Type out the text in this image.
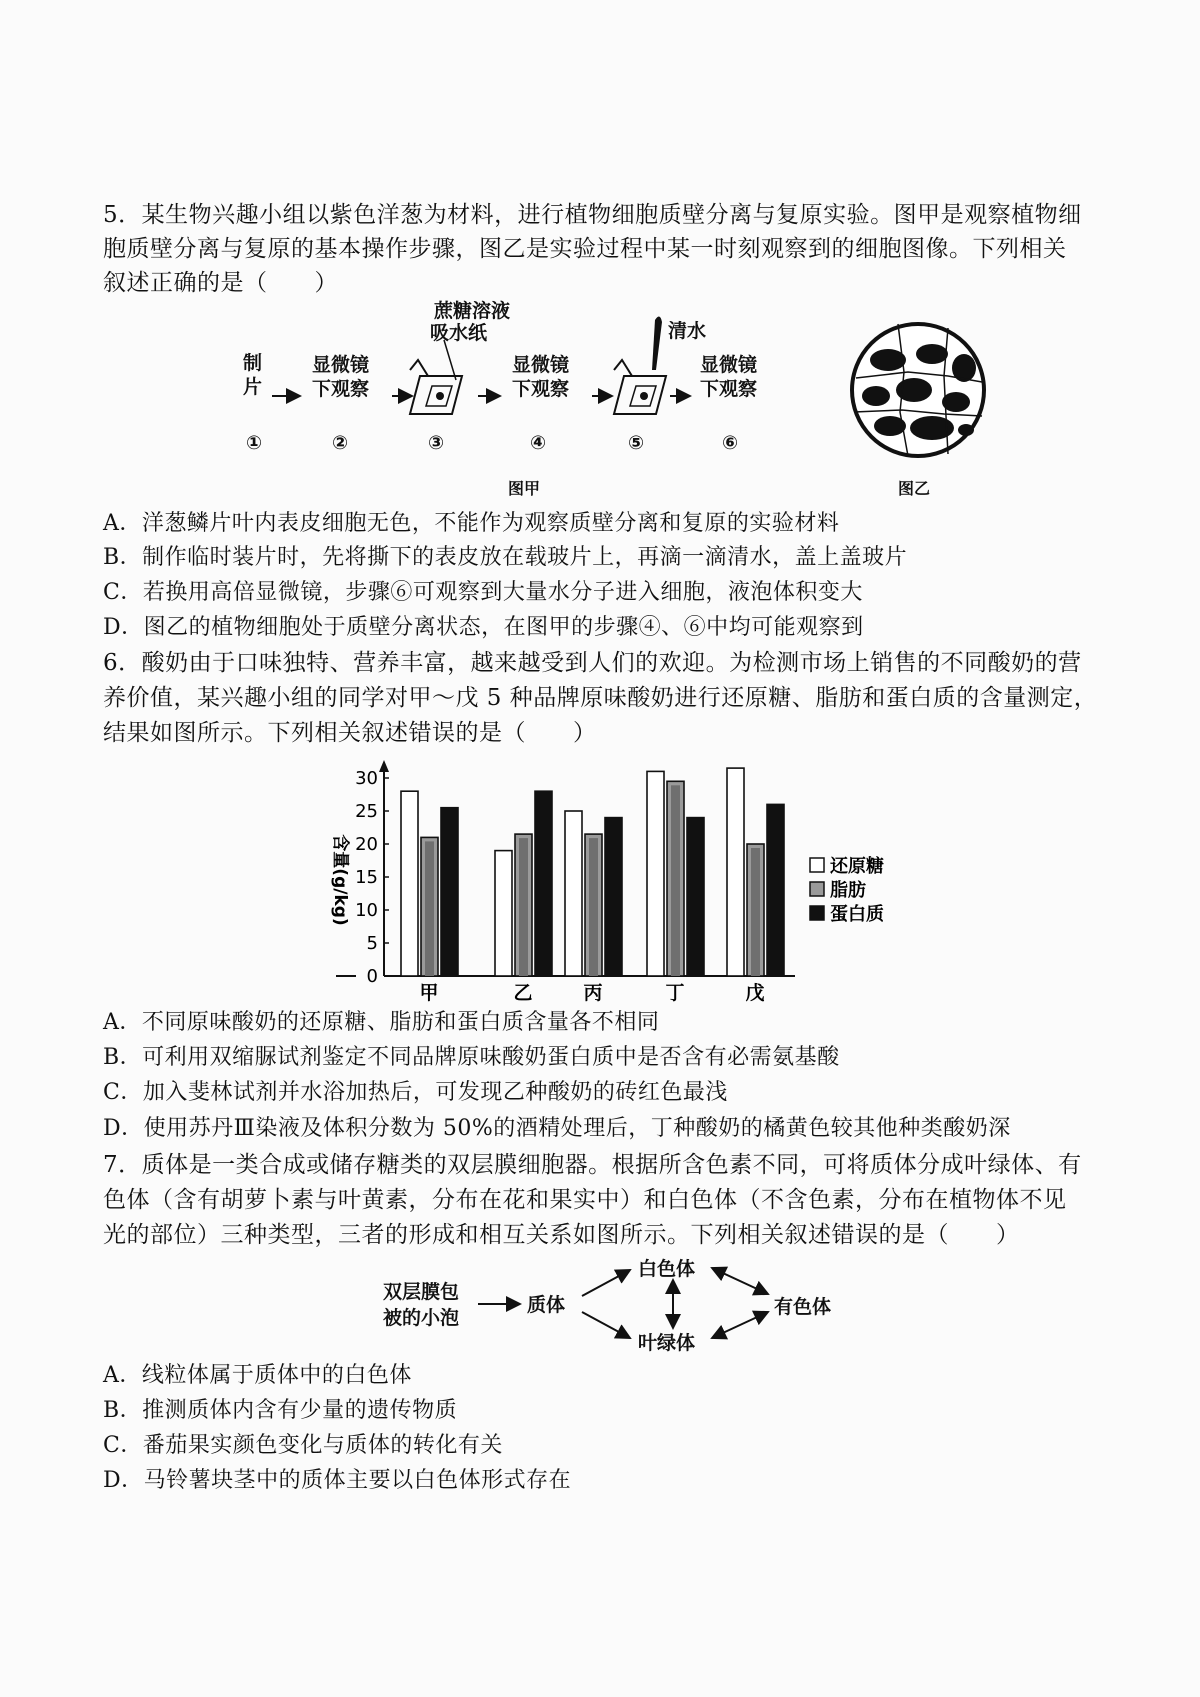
5．某生物兴趣小组以紫色洋葱为材料，进行植物细胞质壁分离与复原实验。图甲是观察植物细
胞质壁分离与复原的基本操作步骤，图乙是实验过程中某一时刻观察到的细胞图像。下列相关
叙述正确的是（　　）
制
片
显微镜
下观察
吸水纸
蔗糖溶液
显微镜
下观察
清水
显微镜
下观察
①	②	③	④	⑤	⑥
图甲	图乙
A．洋葱鳞片叶内表皮细胞无色，不能作为观察质壁分离和复原的实验材料
B．制作临时装片时，先将撕下的表皮放在载玻片上，再滴一滴清水，盖上盖玻片
C．若换用高倍显微镜，步骤⑥可观察到大量水分子进入细胞，液泡体积变大
D．图乙的植物细胞处于质壁分离状态，在图甲的步骤④、⑥中均可能观察到
6．酸奶由于口味独特、营养丰富，越来越受到人们的欢迎。为检测市场上销售的不同酸奶的营
养价值，某兴趣小组的同学对甲～戊 5 种品牌原味酸奶进行还原糖、脂肪和蛋白质的含量测定，
结果如图所示。下列相关叙述错误的是（　　）
0
5
10
15
20
25
30
含量(g/kg)
甲	乙	丙	丁	戊
还原糖
脂肪
蛋白质
A．不同原味酸奶的还原糖、脂肪和蛋白质含量各不相同
B．可利用双缩脲试剂鉴定不同品牌原味酸奶蛋白质中是否含有必需氨基酸
C．加入斐林试剂并水浴加热后，可发现乙种酸奶的砖红色最浅
D．使用苏丹Ⅲ染液及体积分数为 50%的酒精处理后，丁种酸奶的橘黄色较其他种类酸奶深
7．质体是一类合成或储存糖类的双层膜细胞器。根据所含色素不同，可将质体分成叶绿体、有
色体（含有胡萝卜素与叶黄素，分布在花和果实中）和白色体（不含色素，分布在植物体不见
光的部位）三种类型，三者的形成和相互关系如图所示。下列相关叙述错误的是（　　）
双层膜包
被的小泡
质体
白色体
叶绿体
有色体
A．线粒体属于质体中的白色体
B．推测质体内含有少量的遗传物质
C．番茄果实颜色变化与质体的转化有关
D．马铃薯块茎中的质体主要以白色体形式存在
